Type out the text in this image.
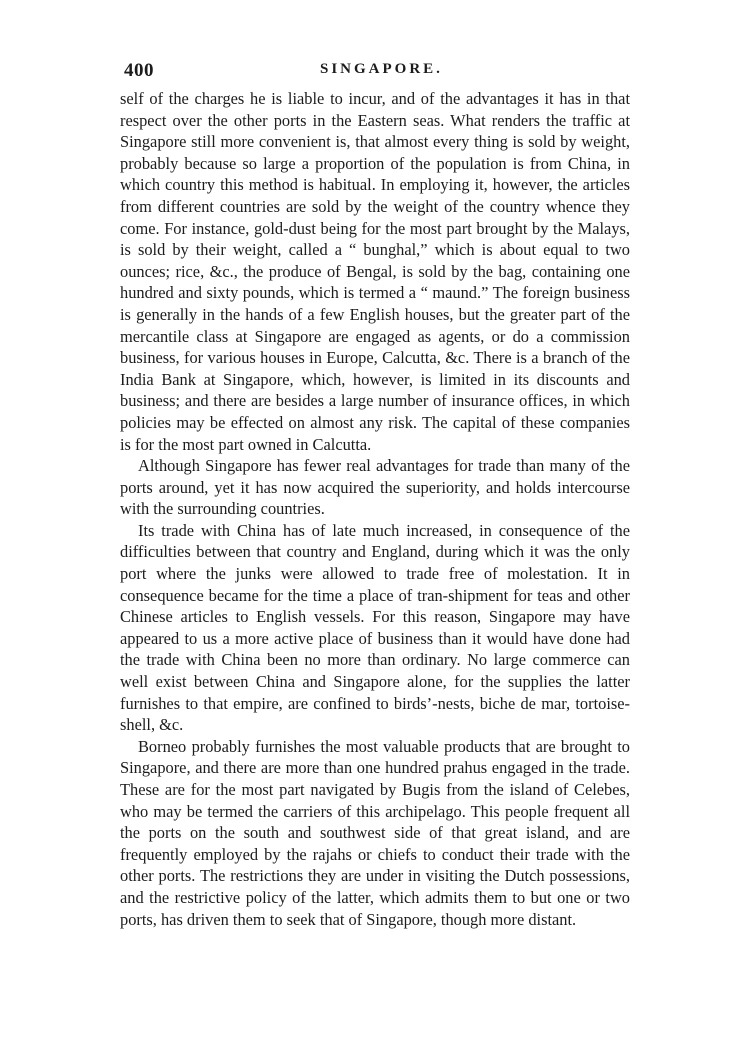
400	SINGAPORE.

self of the charges he is liable to incur, and of the advantages it has in that respect over the other ports in the Eastern seas. What renders the traffic at Singapore still more convenient is, that almost every thing is sold by weight, probably because so large a proportion of the population is from China, in which country this method is habitual. In employing it, however, the articles from different countries are sold by the weight of the country whence they come. For instance, gold-dust being for the most part brought by the Malays, is sold by their weight, called a “ bunghal,” which is about equal to two ounces; rice, &c., the produce of Bengal, is sold by the bag, containing one hundred and sixty pounds, which is termed a “ maund.” The foreign business is generally in the hands of a few English houses, but the greater part of the mercantile class at Singapore are engaged as agents, or do a commission business, for various houses in Europe, Calcutta, &c. There is a branch of the India Bank at Singapore, which, however, is limited in its discounts and business; and there are besides a large number of insurance offices, in which policies may be effected on almost any risk. The capital of these companies is for the most part owned in Calcutta.

Although Singapore has fewer real advantages for trade than many of the ports around, yet it has now acquired the superiority, and holds intercourse with the surrounding countries.

Its trade with China has of late much increased, in consequence of the difficulties between that country and England, during which it was the only port where the junks were allowed to trade free of molestation. It in consequence became for the time a place of tran-shipment for teas and other Chinese articles to English vessels. For this reason, Singapore may have appeared to us a more active place of business than it would have done had the trade with China been no more than ordinary. No large commerce can well exist between China and Singapore alone, for the supplies the latter furnishes to that empire, are confined to birds’-nests, biche de mar, tortoise-shell, &c.

Borneo probably furnishes the most valuable products that are brought to Singapore, and there are more than one hundred prahus engaged in the trade. These are for the most part navigated by Bugis from the island of Celebes, who may be termed the carriers of this archipelago. This people frequent all the ports on the south and southwest side of that great island, and are frequently employed by the rajahs or chiefs to conduct their trade with the other ports. The restrictions they are under in visiting the Dutch possessions, and the restrictive policy of the latter, which admits them to but one or two ports, has driven them to seek that of Singapore, though more distant.
